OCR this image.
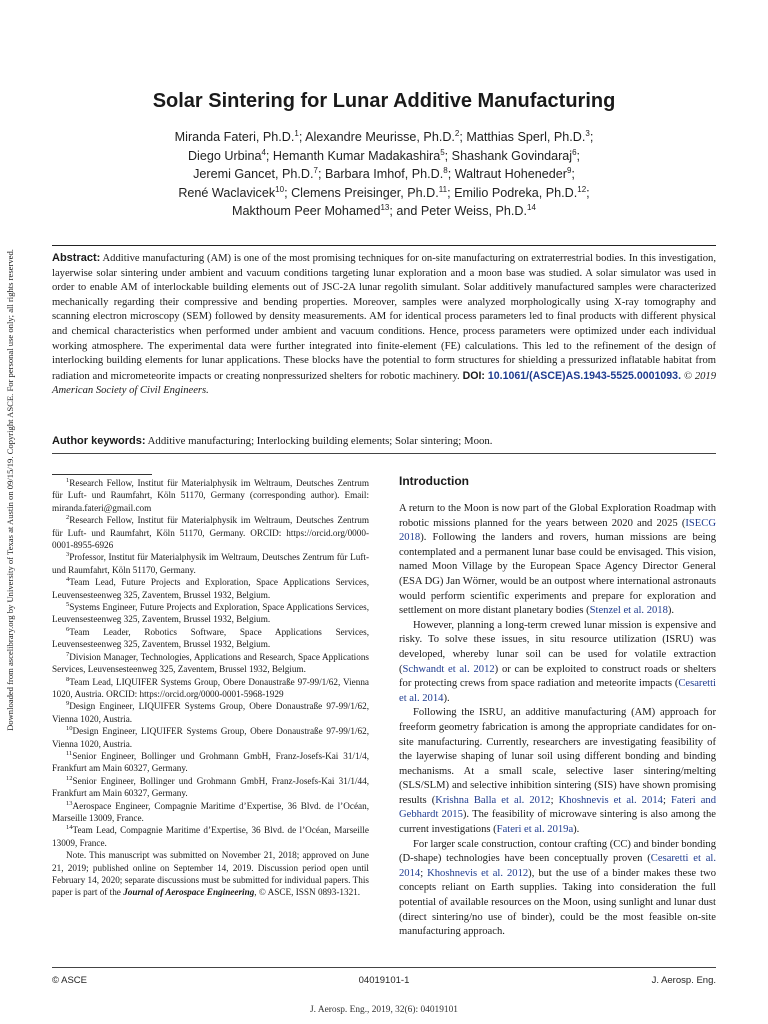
Downloaded from ascelibrary.org by University of Texas at Austin on 09/15/19. Copyright ASCE. For personal use only; all rights reserved.
Solar Sintering for Lunar Additive Manufacturing
Miranda Fateri, Ph.D.$^1$; Alexandre Meurisse, Ph.D.$^2$; Matthias Sperl, Ph.D.$^3$;
Diego Urbina$^4$; Hemanth Kumar Madakashira$^5$; Shashank Govindaraj$^6$;
Jeremi Gancet, Ph.D.$^7$; Barbara Imhof, Ph.D.$^8$; Waltraut Hoheneder$^9$;
René Waclavicek$^{10}$; Clemens Preisinger, Ph.D.$^{11}$; Emilio Podreka, Ph.D.$^{12}$;
Makthoum Peer Mohamed$^{13}$; and Peter Weiss, Ph.D.$^{14}$

Abstract: Additive manufacturing (AM) is one of the most promising techniques for on-site manufacturing on extraterrestrial bodies. In this investigation, layerwise solar sintering under ambient and vacuum conditions targeting lunar exploration and a moon base was studied. A solar simulator was used in order to enable AM of interlockable building elements out of JSC-2A lunar regolith simulant. Solar additively manufactured samples were characterized mechanically regarding their compressive and bending properties. Moreover, samples were analyzed morphologically using X-ray tomography and scanning electron microscopy (SEM) followed by density measurements. AM for identical process parameters led to final products with different physical and chemical characteristics when performed under ambient and vacuum conditions. Hence, process parameters were optimized under each individual working atmosphere. The experimental data were further integrated into finite-element (FE) calculations. This led to the refinement of the design of interlocking building elements for lunar applications. These blocks have the potential to form structures for shielding a pressurized inflatable habitat from radiation and micrometeorite impacts or creating nonpressurized shelters for robotic machinery. DOI: 10.1061/(ASCE)AS.1943-5525.0001093. © 2019 American Society of Civil Engineers.

Author keywords: Additive manufacturing; Interlocking building elements; Solar sintering; Moon.

$^1$Research Fellow, Institut für Materialphysik im Weltraum, Deutsches Zentrum für Luft- und Raumfahrt, Köln 51170, Germany (corresponding author). Email: miranda.fateri@gmail.com

$^2$Research Fellow, Institut für Materialphysik im Weltraum, Deutsches Zentrum für Luft- und Raumfahrt, Köln 51170, Germany. ORCID: https://orcid.org/0000-0001-8955-6926

$^3$Professor, Institut für Materialphysik im Weltraum, Deutsches Zentrum für Luft- und Raumfahrt, Köln 51170, Germany.

$^4$Team Lead, Future Projects and Exploration, Space Applications Services, Leuvensesteenweg 325, Zaventem, Brussel 1932, Belgium.

$^5$Systems Engineer, Future Projects and Exploration, Space Applications Services, Leuvensesteenweg 325, Zaventem, Brussel 1932, Belgium.

$^6$Team Leader, Robotics Software, Space Applications Services, Leuvensesteenweg 325, Zaventem, Brussel 1932, Belgium.

$^7$Division Manager, Technologies, Applications and Research, Space Applications Services, Leuvensesteenweg 325, Zaventem, Brussel 1932, Belgium.

$^8$Team Lead, LIQUIFER Systems Group, Obere Donaustraße 97-99/1/62, Vienna 1020, Austria. ORCID: https://orcid.org/0000-0001-5968-1929

$^9$Design Engineer, LIQUIFER Systems Group, Obere Donaustraße 97-99/1/62, Vienna 1020, Austria.

$^{10}$Design Engineer, LIQUIFER Systems Group, Obere Donaustraße 97-99/1/62, Vienna 1020, Austria.

$^{11}$Senior Engineer, Bollinger und Grohmann GmbH, Franz-Josefs-Kai 31/1/4, Frankfurt am Main 60327, Germany.

$^{12}$Senior Engineer, Bollinger und Grohmann GmbH, Franz-Josefs-Kai 31/1/44, Frankfurt am Main 60327, Germany.

$^{13}$Aerospace Engineer, Compagnie Maritime d’Expertise, 36 Blvd. de l’Océan, Marseille 13009, France.

$^{14}$Team Lead, Compagnie Maritime d’Expertise, 36 Blvd. de l’Océan, Marseille 13009, France.

Note. This manuscript was submitted on November 21, 2018; approved on June 21, 2019; published online on September 14, 2019. Discussion period open until February 14, 2020; separate discussions must be submitted for individual papers. This paper is part of the Journal of Aerospace Engineering, © ASCE, ISSN 0893-1321.

Introduction

A return to the Moon is now part of the Global Exploration Roadmap with robotic missions planned for the years between 2020 and 2025 (ISECG 2018). Following the landers and rovers, human missions are being contemplated and a permanent lunar base could be envisaged. This vision, named Moon Village by the European Space Agency Director General (ESA DG) Jan Wörner, would be an outpost where international astronauts would perform scientific experiments and prepare for exploration and settlement on more distant planetary bodies (Stenzel et al. 2018).

However, planning a long-term crewed lunar mission is expensive and risky. To solve these issues, in situ resource utilization (ISRU) was developed, whereby lunar soil can be used for volatile extraction (Schwandt et al. 2012) or can be exploited to construct roads or shelters for protecting crews from space radiation and meteorite impacts (Cesaretti et al. 2014).

Following the ISRU, an additive manufacturing (AM) approach for freeform geometry fabrication is among the appropriate candidates for on-site manufacturing. Currently, researchers are investigating feasibility of the layerwise shaping of lunar soil using different bonding and binding mechanisms. At a small scale, selective laser sintering/melting (SLS/SLM) and selective inhibition sintering (SIS) have shown promising results (Krishna Balla et al. 2012; Khoshnevis et al. 2014; Fateri and Gebhardt 2015). The feasibility of microwave sintering is also among the current investigations (Fateri et al. 2019a).

For larger scale construction, contour crafting (CC) and binder bonding (D-shape) technologies have been conceptually proven (Cesaretti et al. 2014; Khoshnevis et al. 2012), but the use of a binder makes these two concepts reliant on Earth supplies. Taking into consideration the full potential of available resources on the Moon, using sunlight and lunar dust (direct sintering/no use of binder), could be the most feasible on-site manufacturing approach.

© ASCE	04019101-1	J. Aerosp. Eng.
J. Aerosp. Eng., 2019, 32(6): 04019101
